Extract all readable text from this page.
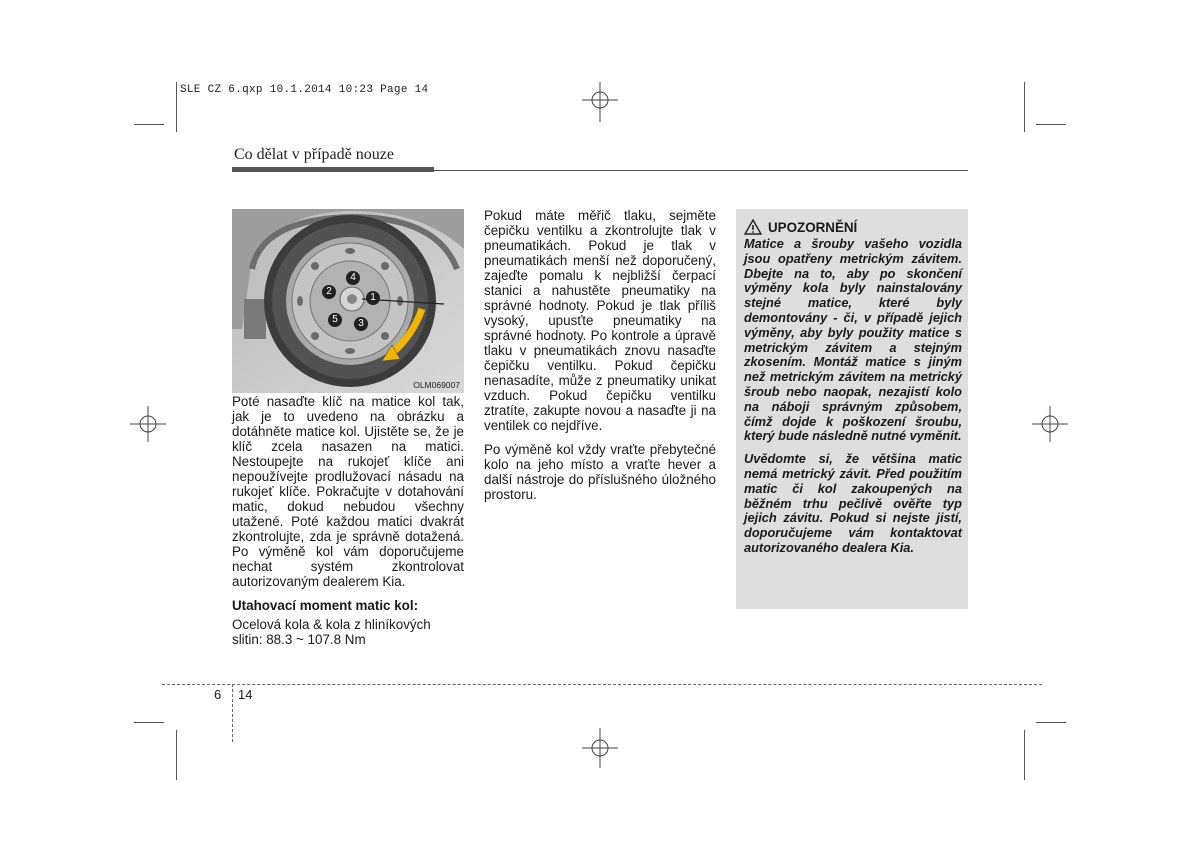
SLE CZ 6.qxp 10.1.2014 10:23 Page 14
Co dělat v případě nouze
1
2
3
4
5
OLM069007

Poté nasaďte klíč na matice kol tak, jak je to uvedeno na obrázku a dotáhněte matice kol. Ujistěte se, že je klíč zcela nasazen na matici. Nestoupejte na rukojeť klíče ani nepoužívejte prodlužovací násadu na rukojeť klíče. Pokračujte v dotahování matic, dokud nebudou všechny utažené. Poté každou matici dvakrát zkontrolujte, zda je správně dotažená. Po výměně kol vám doporučujeme nechat systém zkontrolovat autorizovaným dealerem Kia.

Utahovací moment matic kol:

Ocelová kola & kola z hliníkových slitin: 88.3 ~ 107.8 Nm

Pokud máte měřič tlaku, sejměte čepičku ventilku a zkontrolujte tlak v pneumatikách. Pokud je tlak v pneumatikách menší než doporučený, zajeďte pomalu k nejbližší čerpací stanici a nahustěte pneumatiky na správné hodnoty. Pokud je tlak příliš vysoký, upusťte pneumatiky na správné hodnoty. Po kontrole a úpravě tlaku v pneumatikách znovu nasaďte čepičku ventilku. Pokud čepičku nenasadíte, může z pneumatiky unikat vzduch. Pokud čepičku ventilku ztratíte, zakupte novou a nasaďte ji na ventilek co nejdříve.

Po výměně kol vždy vraťte přebytečné kolo na jeho místo a vraťte hever a další nástroje do příslušného úložného prostoru.

UPOZORNĚNÍ

Matice a šrouby vašeho vozidla jsou opatřeny metrickým závitem. Dbejte na to, aby po skončení výměny kola byly nainstalovány stejné matice, které byly demontovány - či, v případě jejich výměny, aby byly použity matice s metrickým závitem a stejným zkosením. Montáž matice s jiným než metrickým závitem na metrický šroub nebo naopak, nezajistí kolo na náboji správným způsobem, čímž dojde k poškození šroubu, který bude následně nutné vyměnit.

Uvědomte si, že většina matic nemá metrický závit. Před použitím matic či kol zakoupených na běžném trhu pečlivě ověřte typ jejich závitu. Pokud si nejste jistí, doporučujeme vám kontaktovat autorizovaného dealera Kia.

6 14
